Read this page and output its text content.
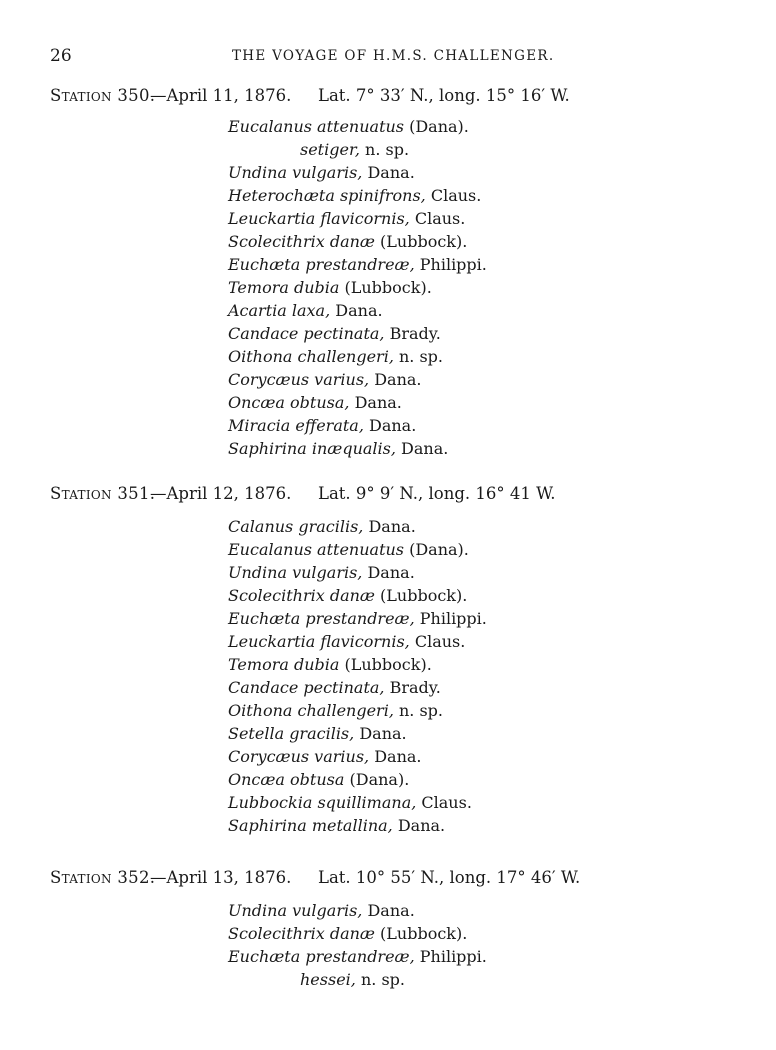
26	THE VOYAGE OF H.M.S. CHALLENGER.
Station 350.
—April 11, 1876. Lat. 7° 33′ N., long. 15° 16′ W.
Eucalanus attenuatus (Dana).
setiger, n. sp.
Undina vulgaris, Dana.
Heterochæta spinifrons, Claus.
Leuckartia flavicornis, Claus.
Scolecithrix danæ (Lubbock).
Euchæta prestandreæ, Philippi.
Temora dubia (Lubbock).
Acartia laxa, Dana.
Candace pectinata, Brady.
Oithona challengeri, n. sp.
Corycæus varius, Dana.
Oncæa obtusa, Dana.
Miracia efferata, Dana.
Saphirina inæqualis, Dana.
Station 351.
—April 12, 1876. Lat. 9° 9′ N., long. 16° 41 W.
Calanus gracilis, Dana.
Eucalanus attenuatus (Dana).
Undina vulgaris, Dana.
Scolecithrix danæ (Lubbock).
Euchæta prestandreæ, Philippi.
Leuckartia flavicornis, Claus.
Temora dubia (Lubbock).
Candace pectinata, Brady.
Oithona challengeri, n. sp.
Setella gracilis, Dana.
Corycæus varius, Dana.
Oncæa obtusa (Dana).
Lubbockia squillimana, Claus.
Saphirina metallina, Dana.
Station 352.
—April 13, 1876. Lat. 10° 55′ N., long. 17° 46′ W.
Undina vulgaris, Dana.
Scolecithrix danæ (Lubbock).
Euchæta prestandreæ, Philippi.
hessei, n. sp.
